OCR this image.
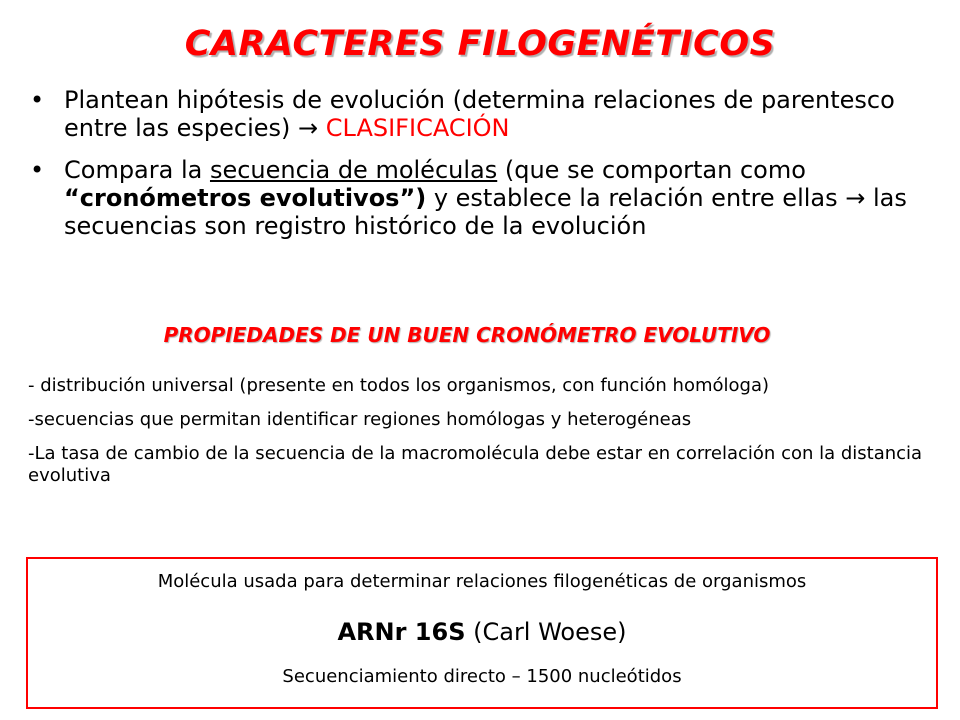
CARACTERES FILOGENÉTICOS
• Plantean hipótesis de evolución (determina relaciones de parentesco entre las especies) → CLASIFICACIÓN
• Compara la secuencia de moléculas (que se comportan como “cronómetros evolutivos”) y establece la relación entre ellas → las secuencias son registro histórico de la evolución
PROPIEDADES DE UN BUEN CRONÓMETRO EVOLUTIVO
- distribución universal (presente en todos los organismos, con función homóloga)
-secuencias que permitan identificar regiones homólogas y heterogéneas
-La tasa de cambio de la secuencia de la macromolécula debe estar en correlación con la distancia evolutiva
Molécula usada para determinar relaciones filogenéticas de organismos
ARNr 16S (Carl Woese)
Secuenciamiento directo – 1500 nucleótidos
